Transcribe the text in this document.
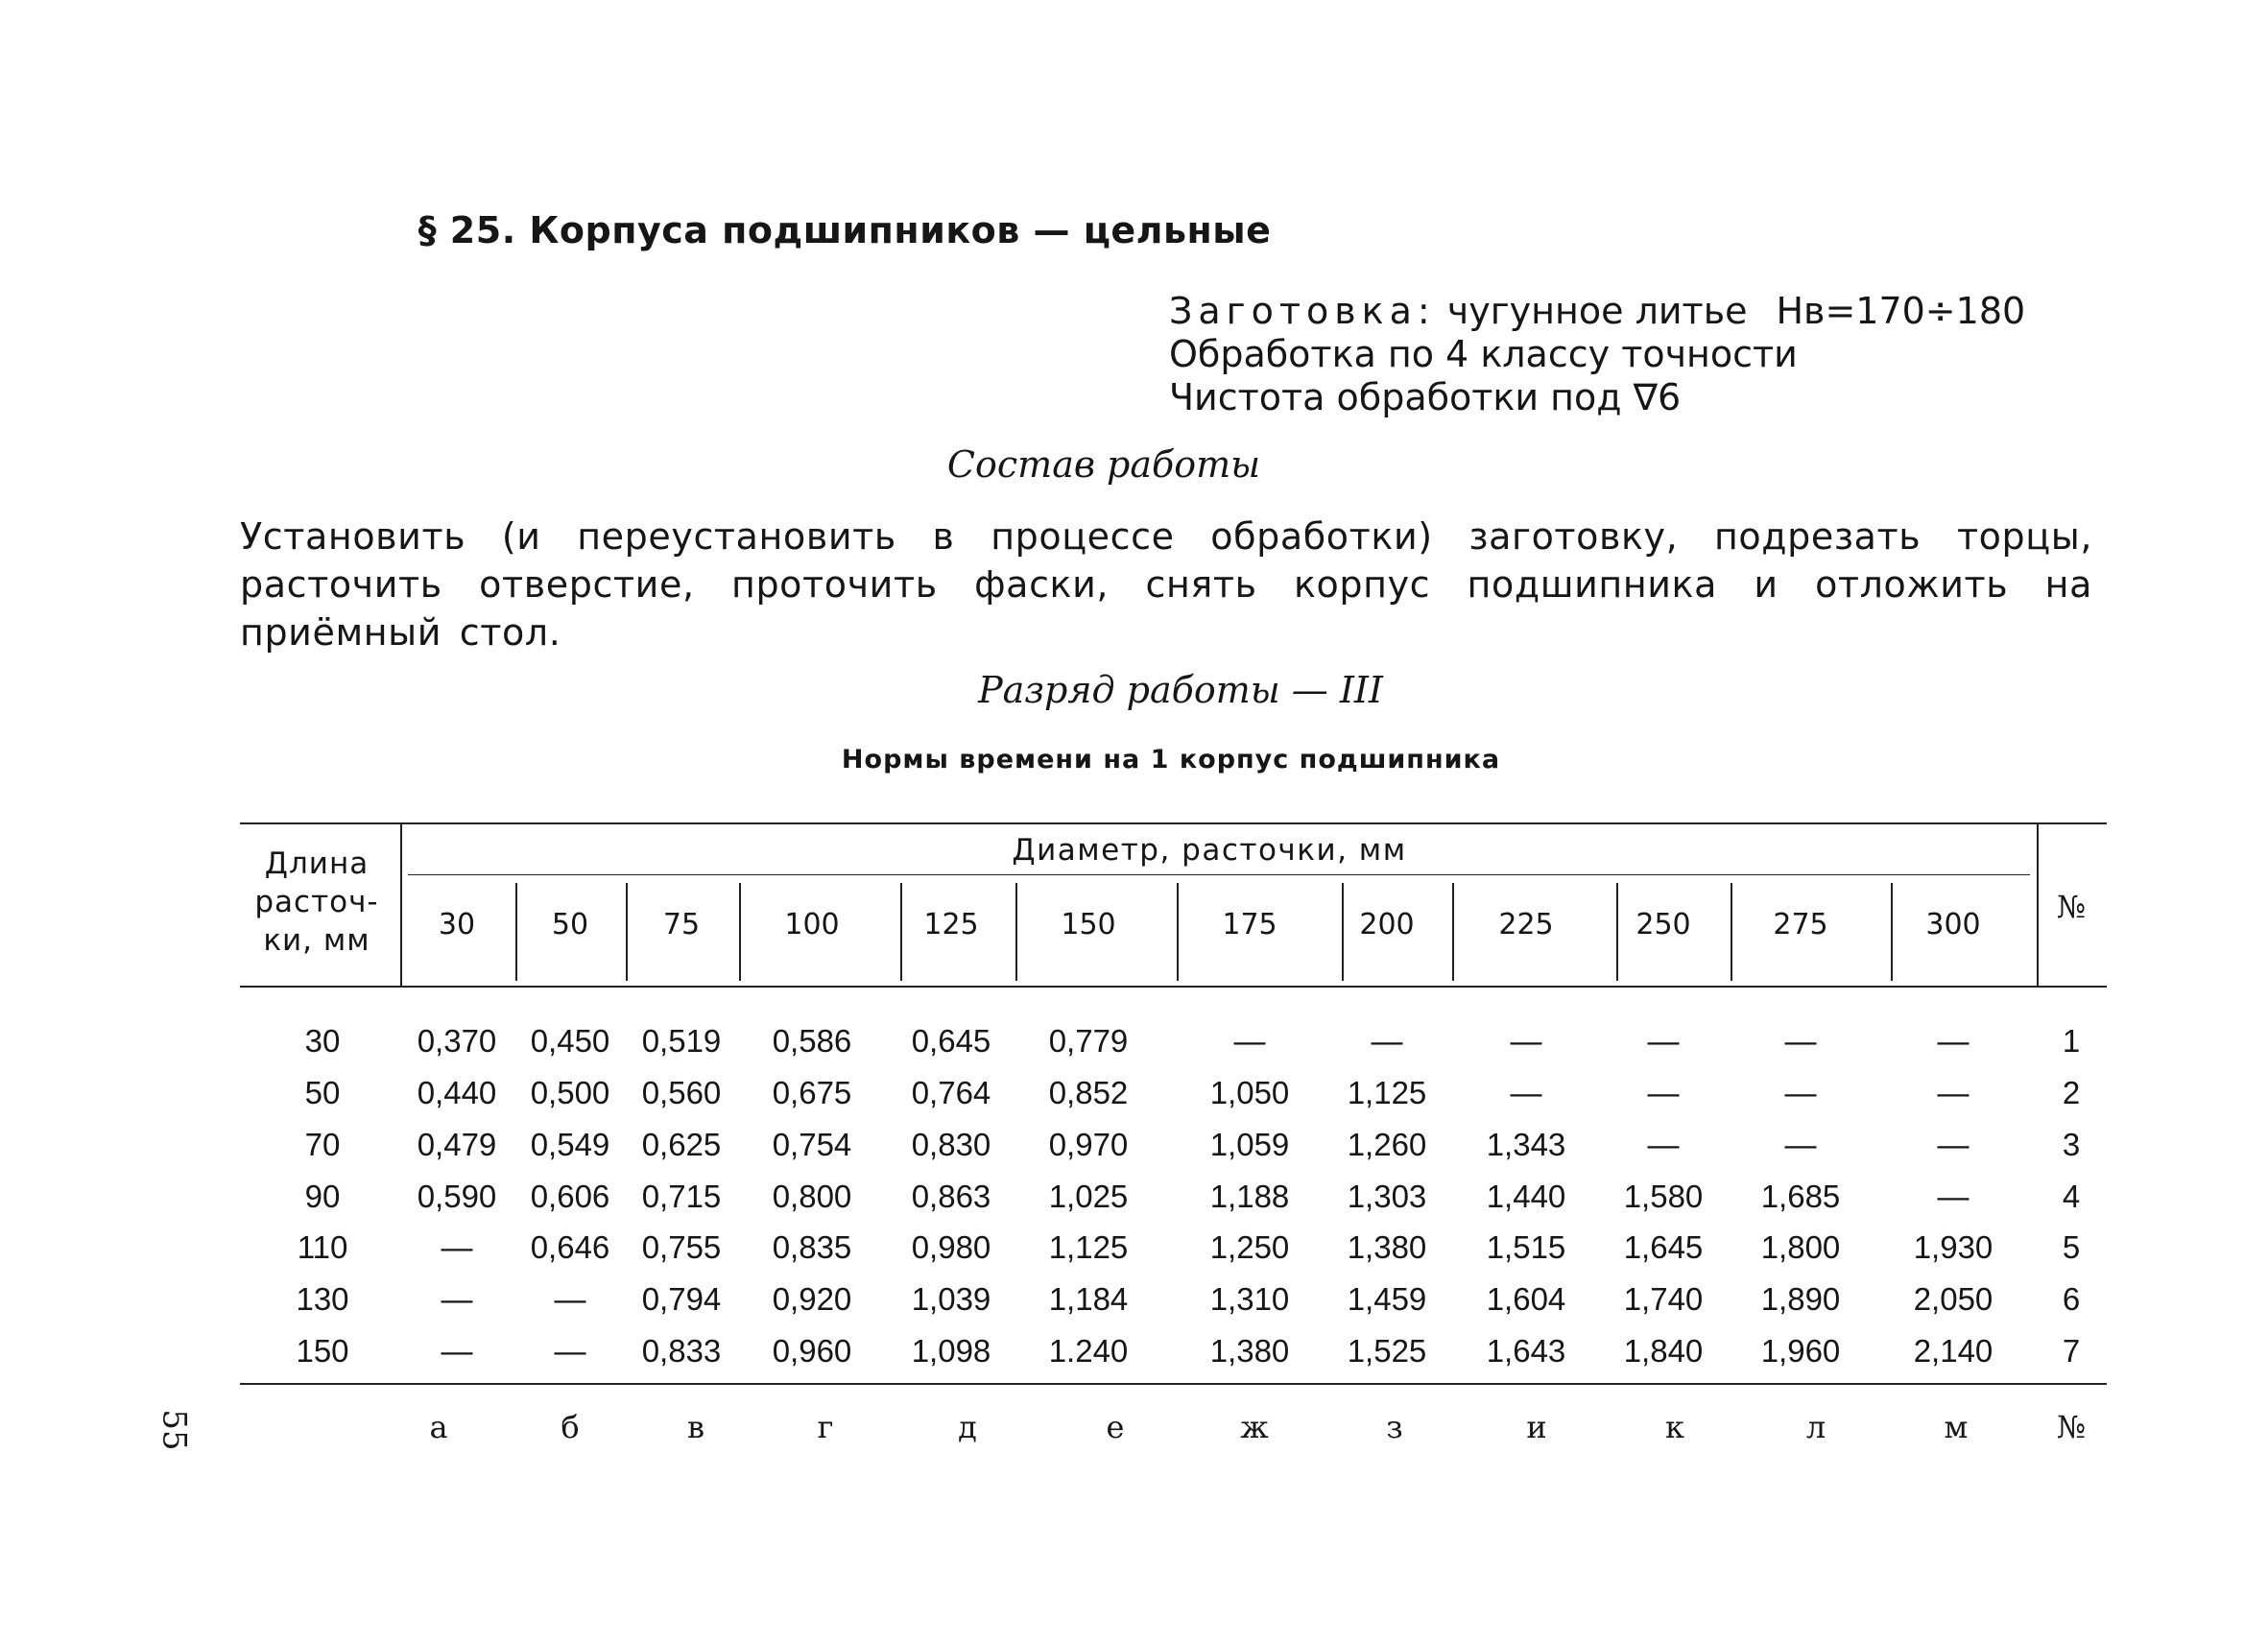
§ 25. Корпуса подшипников — цельные
Заготовка: чугунное литье Нв=170÷180
Обработка по 4 классу точности
Чистота обработки под ∇6
Состав работы
Установить (и переустановить в процессе обработки) заготовку, подрезать торцы, расточить отверстие, проточить фаски, снять корпус подшипника и отложить на приёмный стол.
Разряд работы — III
Нормы времени на 1 корпус подшипника
Длина
расточ-
ки, мм
Диаметр, расточки, мм
№
30	50	75	100	125	150	175	200	225	250	275	300
30	0,370	0,450	0,519	0,586	0,645	0,779	—	—	—	—	—	—	1
50	0,440	0,500	0,560	0,675	0,764	0,852	1,050	1,125	—	—	—	—	2
70	0,479	0,549	0,625	0,754	0,830	0,970	1,059	1,260	1,343	—	—	—	3
90	0,590	0,606	0,715	0,800	0,863	1,025	1,188	1,303	1,440	1,580	1,685	—	4
110	—	0,646	0,755	0,835	0,980	1,125	1,250	1,380	1,515	1,645	1,800	1,930	5
130	—	—	0,794	0,920	1,039	1,184	1,310	1,459	1,604	1,740	1,890	2,050	6
150	—	—	0,833	0,960	1,098	1.240	1,380	1,525	1,643	1,840	1,960	2,140	7
а	б	в	г	д	е	ж	з	и	к	л	м	№
55
